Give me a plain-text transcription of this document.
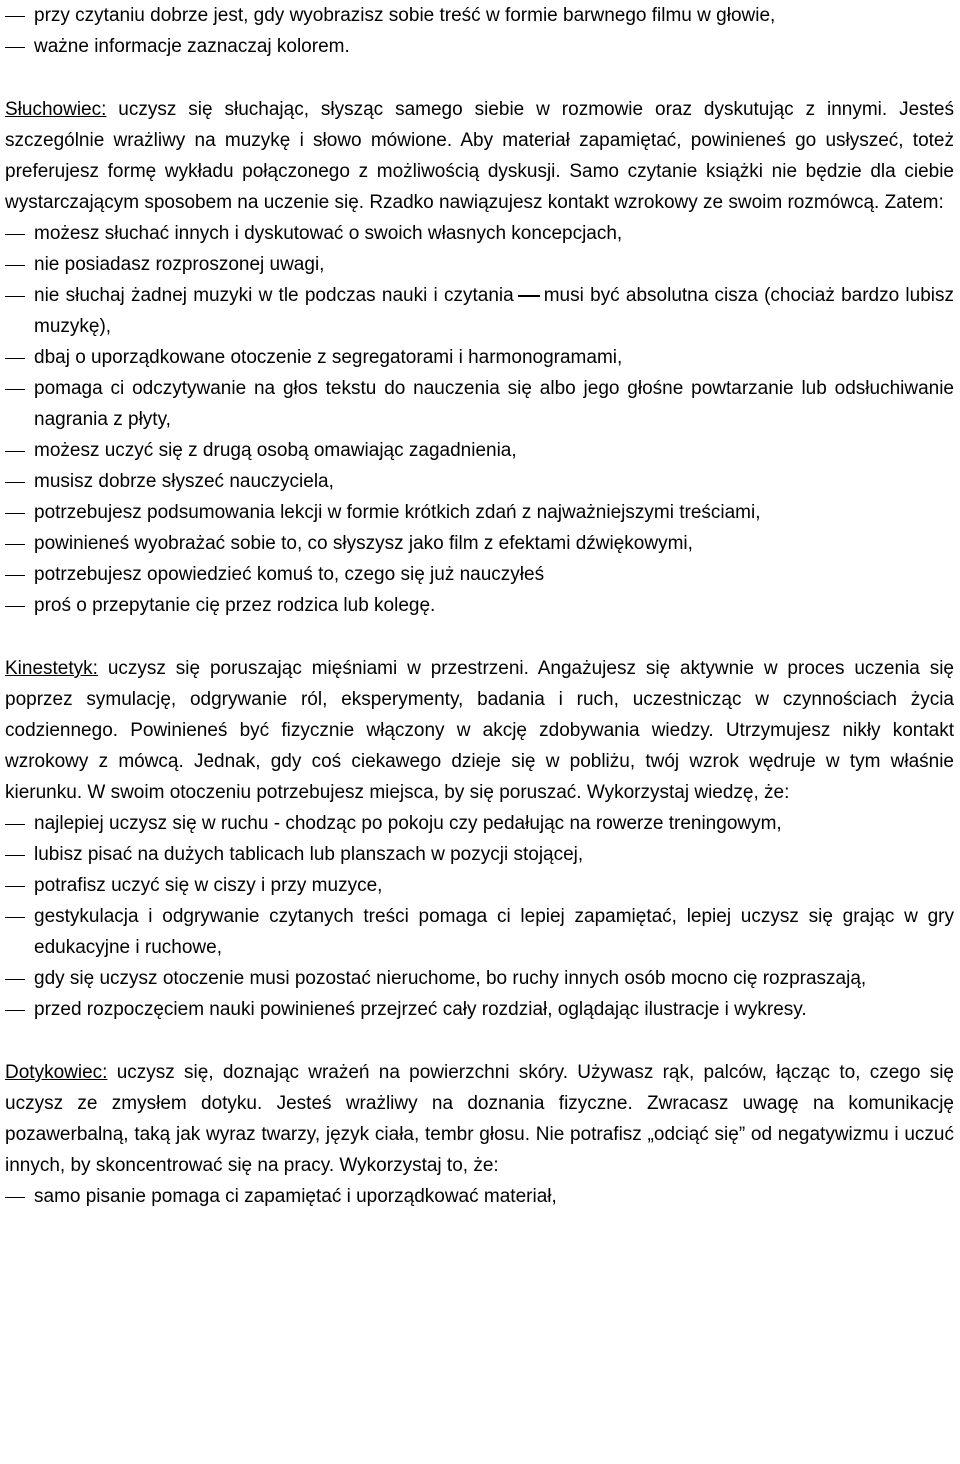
przy czytaniu dobrze jest, gdy wyobrazisz sobie treść w formie barwnego filmu w głowie,
ważne informacje zaznaczaj kolorem.

Słuchowiec: uczysz się słuchając, słysząc samego siebie w rozmowie oraz dyskutując z innymi. Jesteś szczególnie wrażliwy na muzykę i słowo mówione. Aby materiał zapamiętać, powinieneś go usłyszeć, toteż preferujesz formę wykładu połączonego z możliwością dyskusji. Samo czytanie książki nie będzie dla ciebie wystarczającym sposobem na uczenie się. Rzadko nawiązujesz kontakt wzrokowy ze swoim rozmówcą. Zatem:

możesz słuchać innych i dyskutować o swoich własnych koncepcjach,
nie posiadasz rozproszonej uwagi,
nie słuchaj żadnej muzyki w tle podczas nauki i czytania musi być absolutna cisza (chociaż bardzo lubisz muzykę),
dbaj o uporządkowane otoczenie z segregatorami i harmonogramami,
pomaga ci odczytywanie na głos tekstu do nauczenia się albo jego głośne powtarzanie lub odsłuchiwanie nagrania z płyty,
możesz uczyć się z drugą osobą omawiając zagadnienia,
musisz dobrze słyszeć nauczyciela,
potrzebujesz podsumowania lekcji w formie krótkich zdań z najważniejszymi treściami,
powinieneś wyobrażać sobie to, co słyszysz jako film z efektami dźwiękowymi,
potrzebujesz opowiedzieć komuś to, czego się już nauczyłeś
proś o przepytanie cię przez rodzica lub kolegę.

Kinestetyk: uczysz się poruszając mięśniami w przestrzeni. Angażujesz się aktywnie w proces uczenia się poprzez symulację, odgrywanie ról, eksperymenty, badania i ruch, uczestnicząc w czynnościach życia codziennego. Powinieneś być fizycznie włączony w akcję zdobywania wiedzy. Utrzymujesz nikły kontakt wzrokowy z mówcą. Jednak, gdy coś ciekawego dzieje się w pobliżu, twój wzrok wędruje w tym właśnie kierunku. W swoim otoczeniu potrzebujesz miejsca, by się poruszać. Wykorzystaj wiedzę, że:

najlepiej uczysz się w ruchu - chodząc po pokoju czy pedałując na rowerze treningowym,
lubisz pisać na dużych tablicach lub planszach w pozycji stojącej,
potrafisz uczyć się w ciszy i przy muzyce,
gestykulacja i odgrywanie czytanych treści pomaga ci lepiej zapamiętać, lepiej uczysz się grając w gry edukacyjne i ruchowe,
gdy się uczysz otoczenie musi pozostać nieruchome, bo ruchy innych osób mocno cię rozpraszają,
przed rozpoczęciem nauki powinieneś przejrzeć cały rozdział, oglądając ilustracje i wykresy.

Dotykowiec: uczysz się, doznając wrażeń na powierzchni skóry. Używasz rąk, palców, łącząc to, czego się uczysz ze zmysłem dotyku. Jesteś wrażliwy na doznania fizyczne. Zwracasz uwagę na komunikację pozawerbalną, taką jak wyraz twarzy, język ciała, tembr głosu. Nie potrafisz „odciąć się” od negatywizmu i uczuć innych, by skoncentrować się na pracy. Wykorzystaj to, że:

samo pisanie pomaga ci zapamiętać i uporządkować materiał,
